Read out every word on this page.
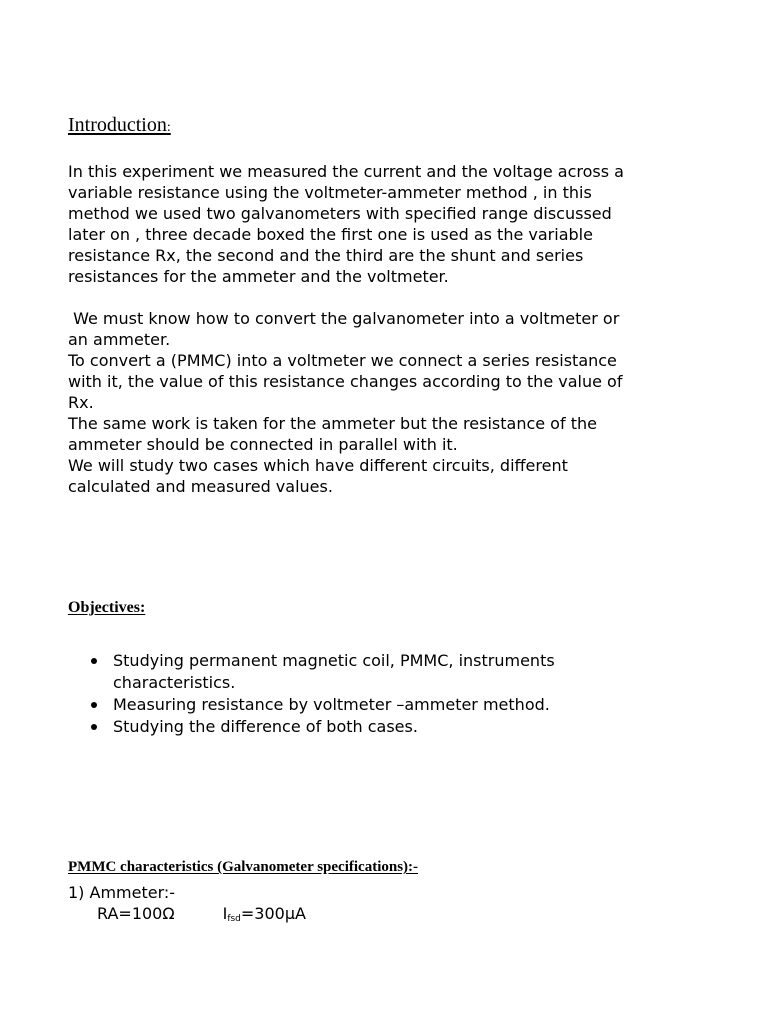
Introduction:

In this experiment we measured the current and the voltage across a
variable resistance using the voltmeter-ammeter method , in this
method we used two galvanometers with specified range discussed
later on , three decade boxed the first one is used as the variable
resistance Rx, the second and the third are the shunt and series
resistances for the ammeter and the voltmeter.

We must know how to convert the galvanometer into a voltmeter or
an ammeter.
To convert a (PMMC) into a voltmeter we connect a series resistance
with it, the value of this resistance changes according to the value of
Rx.
The same work is taken for the ammeter but the resistance of the
ammeter should be connected in parallel with it.
We will study two cases which have different circuits, different
calculated and measured values.

Objectives:
Studying permanent magnetic coil, PMMC, instruments characteristics.
Measuring resistance by voltmeter –ammeter method.
Studying the difference of both cases.
PMMC characteristics (Galvanometer specifications):-
1) Ammeter:-
RA=100Ω	$I_{fsd}=300\mu A$
